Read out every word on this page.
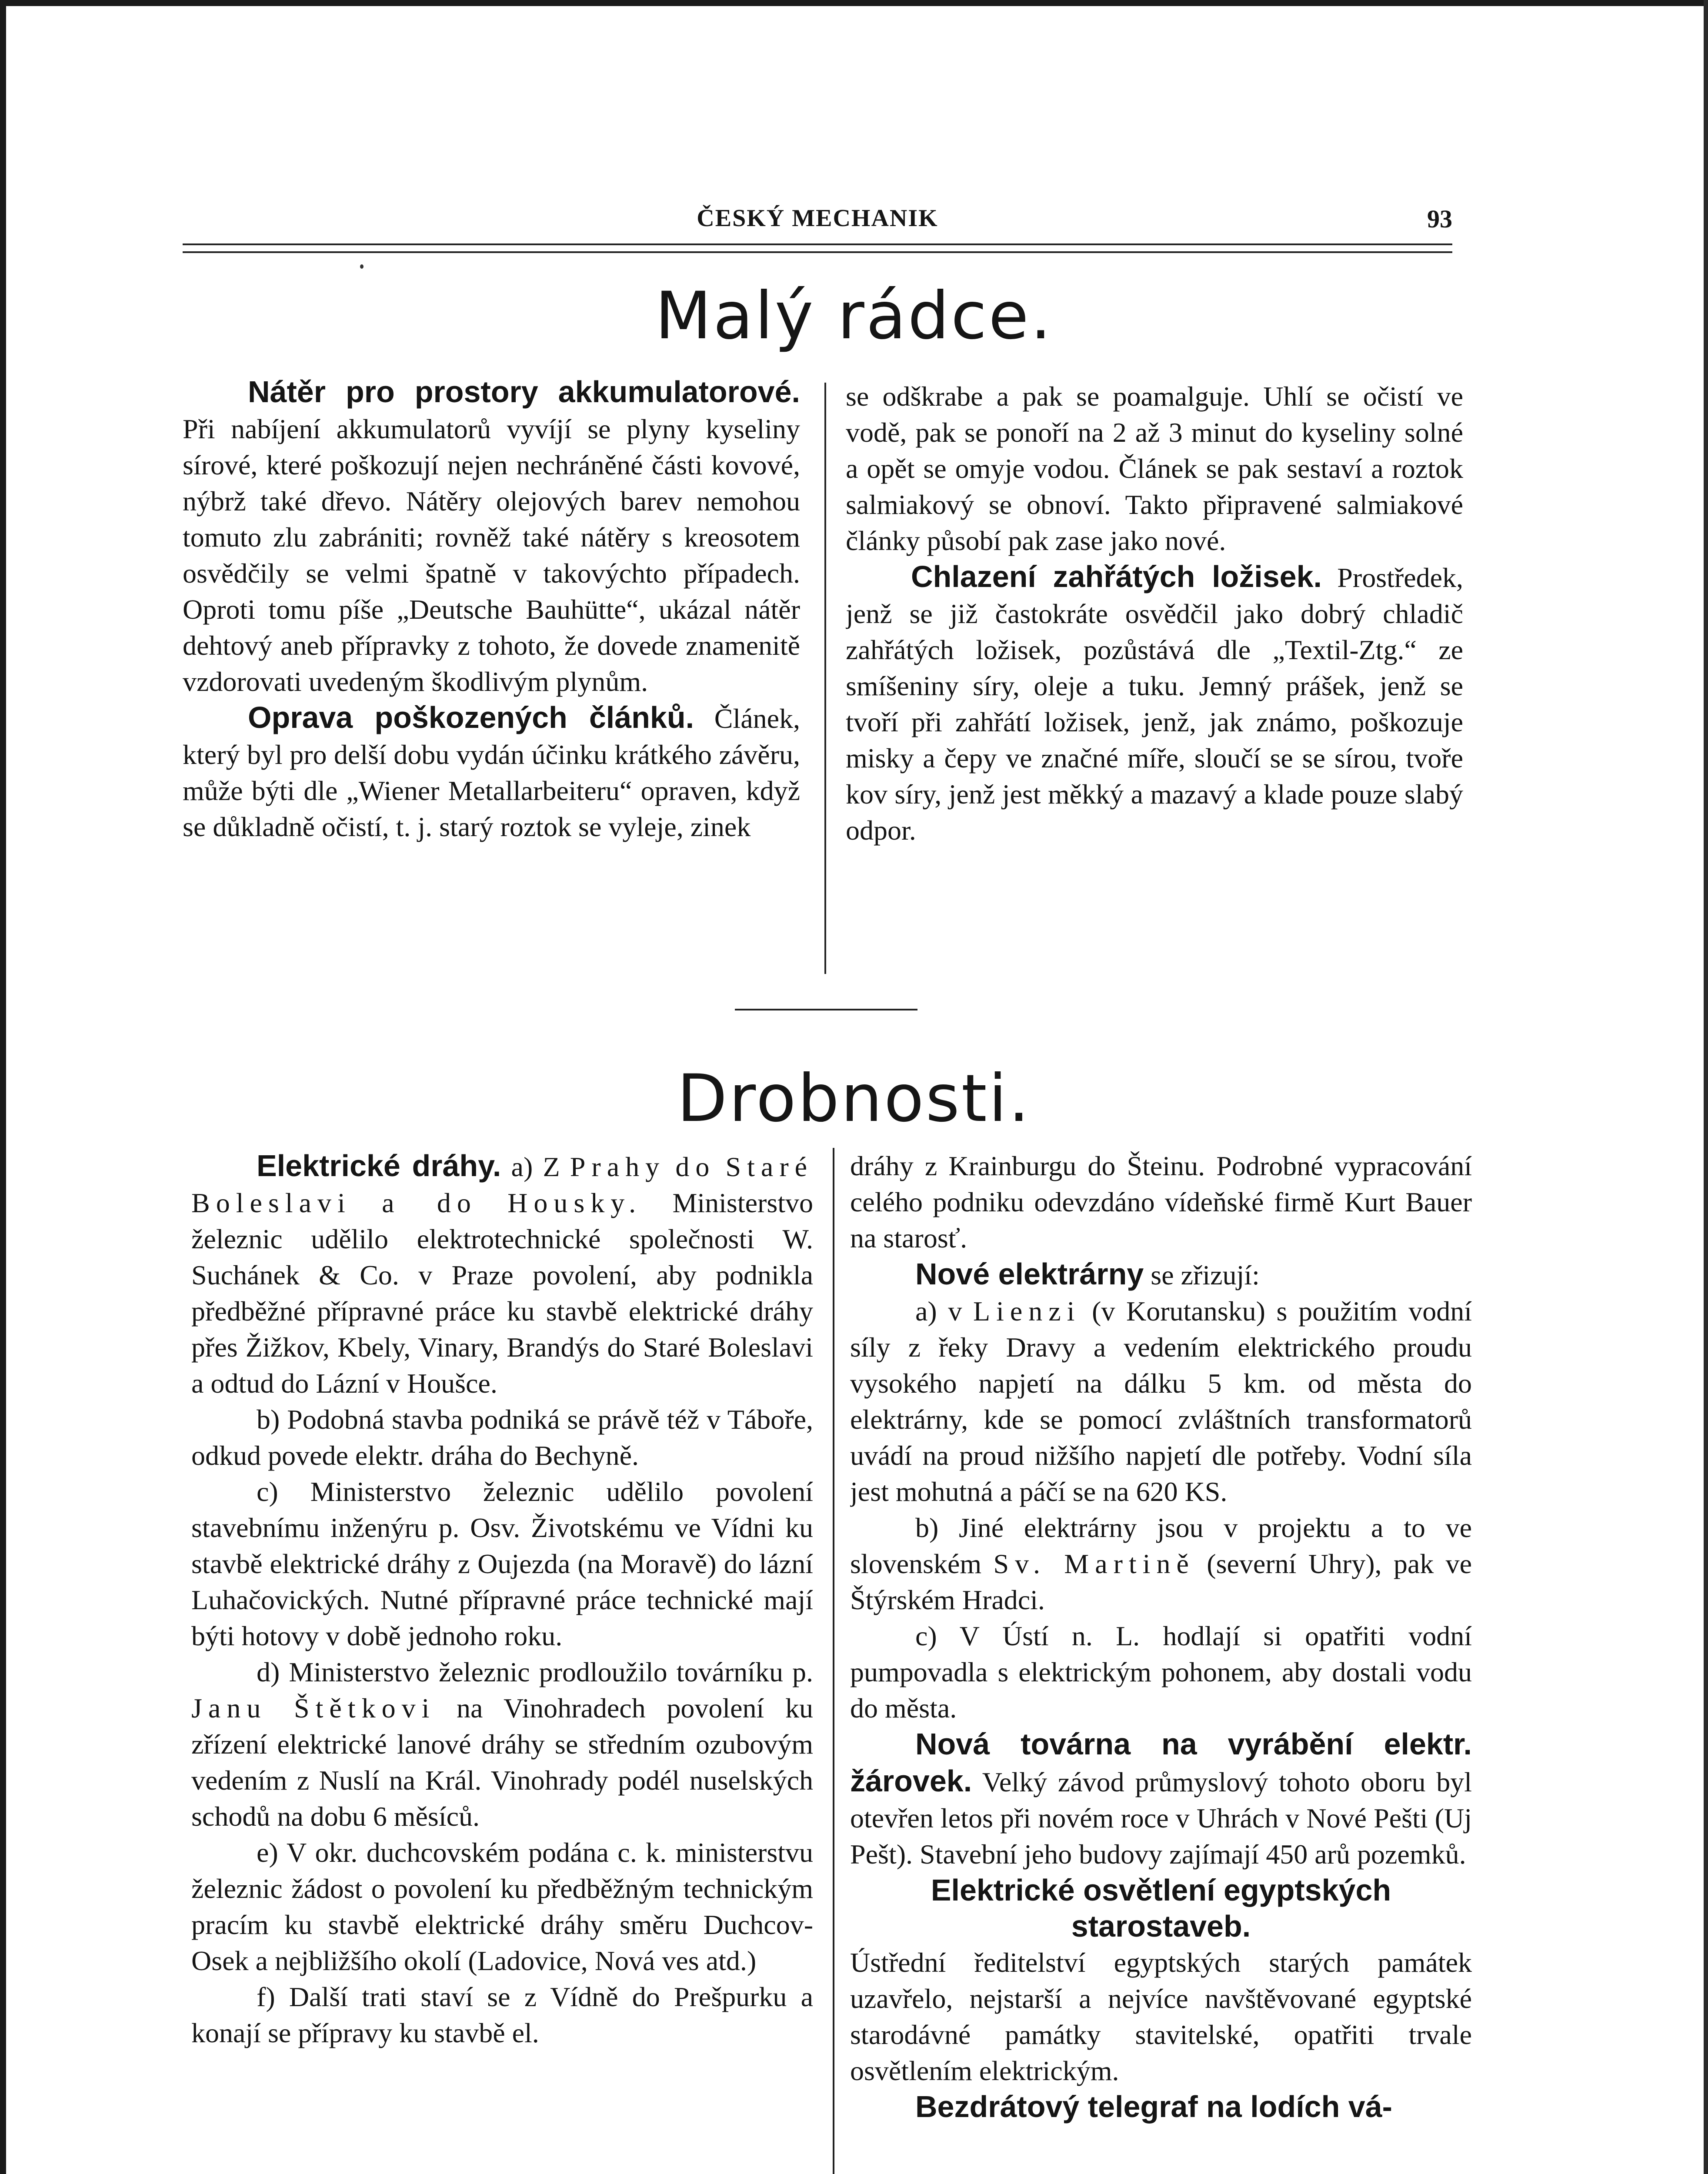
ČESKÝ MECHANIK	93
Malý rádce.

Nátěr pro prostory akkumulatorové. Při nabíjení akkumulatorů vyvíjí se plyny kyseliny sírové, které poškozují nejen nechráněné části kovové, nýbrž také dřevo. Nátěry olejových barev nemohou tomuto zlu zabrániti; rovněž také nátěry s kreosotem osvědčily se velmi špatně v takovýchto případech. Oproti tomu píše „Deutsche Bauhütte“, ukázal nátěr dehtový aneb přípravky z tohoto, že dovede znamenitě vzdorovati uvedeným škodlivým plynům.

Oprava poškozených článků. Článek, který byl pro delší dobu vydán účinku krátkého závěru, může býti dle „Wiener Metallarbeiteru“ opraven, když se důkladně očistí, t. j. starý roztok se vyleje, zinek

se odškrabe a pak se poamalguje. Uhlí se očistí ve vodě, pak se ponoří na 2 až 3 minut do kyseliny solné a opět se omyje vodou. Článek se pak sestaví a roztok salmiakový se obnoví. Takto připravené salmiakové články působí pak zase jako nové.

Chlazení zahřátých ložisek. Prostředek, jenž se již častokráte osvědčil jako dobrý chladič zahřátých ložisek, pozůstává dle „Textil-Ztg.“ ze smíšeniny síry, oleje a tuku. Jemný prášek, jenž se tvoří při zahřátí ložisek, jenž, jak známo, poškozuje misky a čepy ve značné míře, sloučí se se sírou, tvoře kov síry, jenž jest měkký a mazavý a klade pouze slabý odpor.

Drobnosti.

Elektrické dráhy. a) Z Prahy do Staré Boleslavi a do Housky. Ministerstvo železnic udělilo elektrotechnické společnosti W. Suchánek & Co. v Praze povolení, aby podnikla předběžné přípravné práce ku stavbě elektrické dráhy přes Žižkov, Kbely, Vinary, Brandýs do Staré Boleslavi a odtud do Lázní v Houšce.

b) Podobná stavba podniká se právě též v Táboře, odkud povede elektr. dráha do Bechyně.

c) Ministerstvo železnic udělilo povolení stavebnímu inženýru p. Osv. Životskému ve Vídni ku stavbě elektrické dráhy z Oujezda (na Moravě) do lázní Luhačovických. Nutné přípravné práce technické mají býti hotovy v době jednoho roku.

d) Ministerstvo železnic prodloužilo továrníku p. Janu Štětkovi na Vinohradech povolení ku zřízení elektrické lanové dráhy se středním ozubovým vedením z Nuslí na Král. Vinohrady podél nuselských schodů na dobu 6 měsíců.

e) V okr. duchcovském podána c. k. ministerstvu železnic žádost o povolení ku předběžným technickým pracím ku stavbě elektrické dráhy směru Duchcov-Osek a nejbližšího okolí (Ladovice, Nová ves atd.)

f) Další trati staví se z Vídně do Prešpurku a konají se přípravy ku stavbě el.

dráhy z Krainburgu do Šteinu. Podrobné vypracování celého podniku odevzdáno vídeňské firmě Kurt Bauer na starosť.

Nové elektrárny se zřizují:

a) v Lienzi (v Korutansku) s použitím vodní síly z řeky Dravy a vedením elektrického proudu vysokého napjetí na dálku 5 km. od města do elektrárny, kde se pomocí zvláštních transformatorů uvádí na proud nižšího napjetí dle potřeby. Vodní síla jest mohutná a páčí se na 620 KS.

b) Jiné elektrárny jsou v projektu a to ve slovenském Sv. Martině (severní Uhry), pak ve Štýrském Hradci.

c) V Ústí n. L. hodlají si opatřiti vodní pumpovadla s elektrickým pohonem, aby dostali vodu do města.

Nová továrna na vyrábění elektr. žárovek. Velký závod průmyslový tohoto oboru byl otevřen letos při novém roce v Uhrách v Nové Pešti (Uj Pešt). Stavební jeho budovy zajímají 450 arů pozemků.

Elektrické osvětlení egyptských starostaveb.
Ústřední ředitelství egyptských starých památek uzavřelo, nejstarší a nejvíce navštěvované egyptské starodávné památky stavitelské, opatřiti trvale osvětlením elektrickým.

Bezdrátový telegraf na lodích vá-
